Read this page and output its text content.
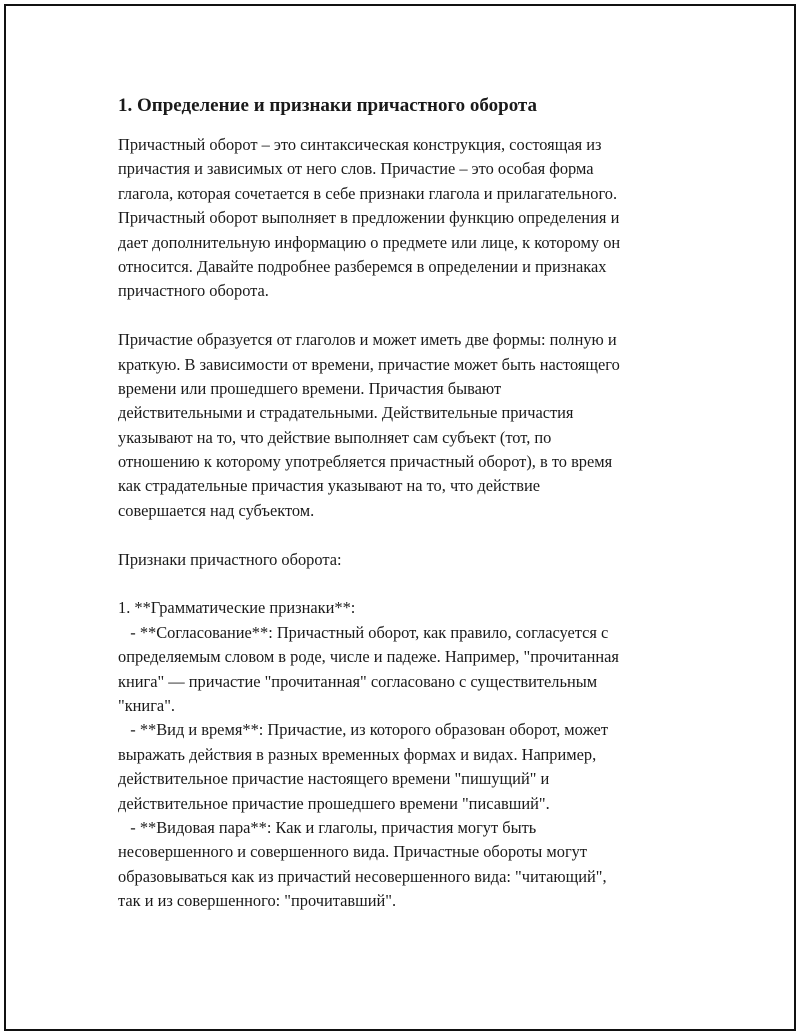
1. Определение и признаки причастного оборота
Причастный оборот – это синтаксическая конструкция, состоящая из
причастия и зависимых от него слов. Причастие – это особая форма
глагола, которая сочетается в себе признаки глагола и прилагательного.
Причастный оборот выполняет в предложении функцию определения и
дает дополнительную информацию о предмете или лице, к которому он
относится. Давайте подробнее разберемся в определении и признаках
причастного оборота.
Причастие образуется от глаголов и может иметь две формы: полную и
краткую. В зависимости от времени, причастие может быть настоящего
времени или прошедшего времени. Причастия бывают
действительными и страдательными. Действительные причастия
указывают на то, что действие выполняет сам субъект (тот, по
отношению к которому употребляется причастный оборот), в то время
как страдательные причастия указывают на то, что действие
совершается над субъектом.
Признаки причастного оборота:
1. **Грамматические признаки**:
- **Согласование**: Причастный оборот, как правило, согласуется с
определяемым словом в роде, числе и падеже. Например, "прочитанная
книга" — причастие "прочитанная" согласовано с существительным
"книга".
- **Вид и время**: Причастие, из которого образован оборот, может
выражать действия в разных временных формах и видах. Например,
действительное причастие настоящего времени "пишущий" и
действительное причастие прошедшего времени "писавший".
- **Видовая пара**: Как и глаголы, причастия могут быть
несовершенного и совершенного вида. Причастные обороты могут
образовываться как из причастий несовершенного вида: "читающий",
так и из совершенного: "прочитавший".
